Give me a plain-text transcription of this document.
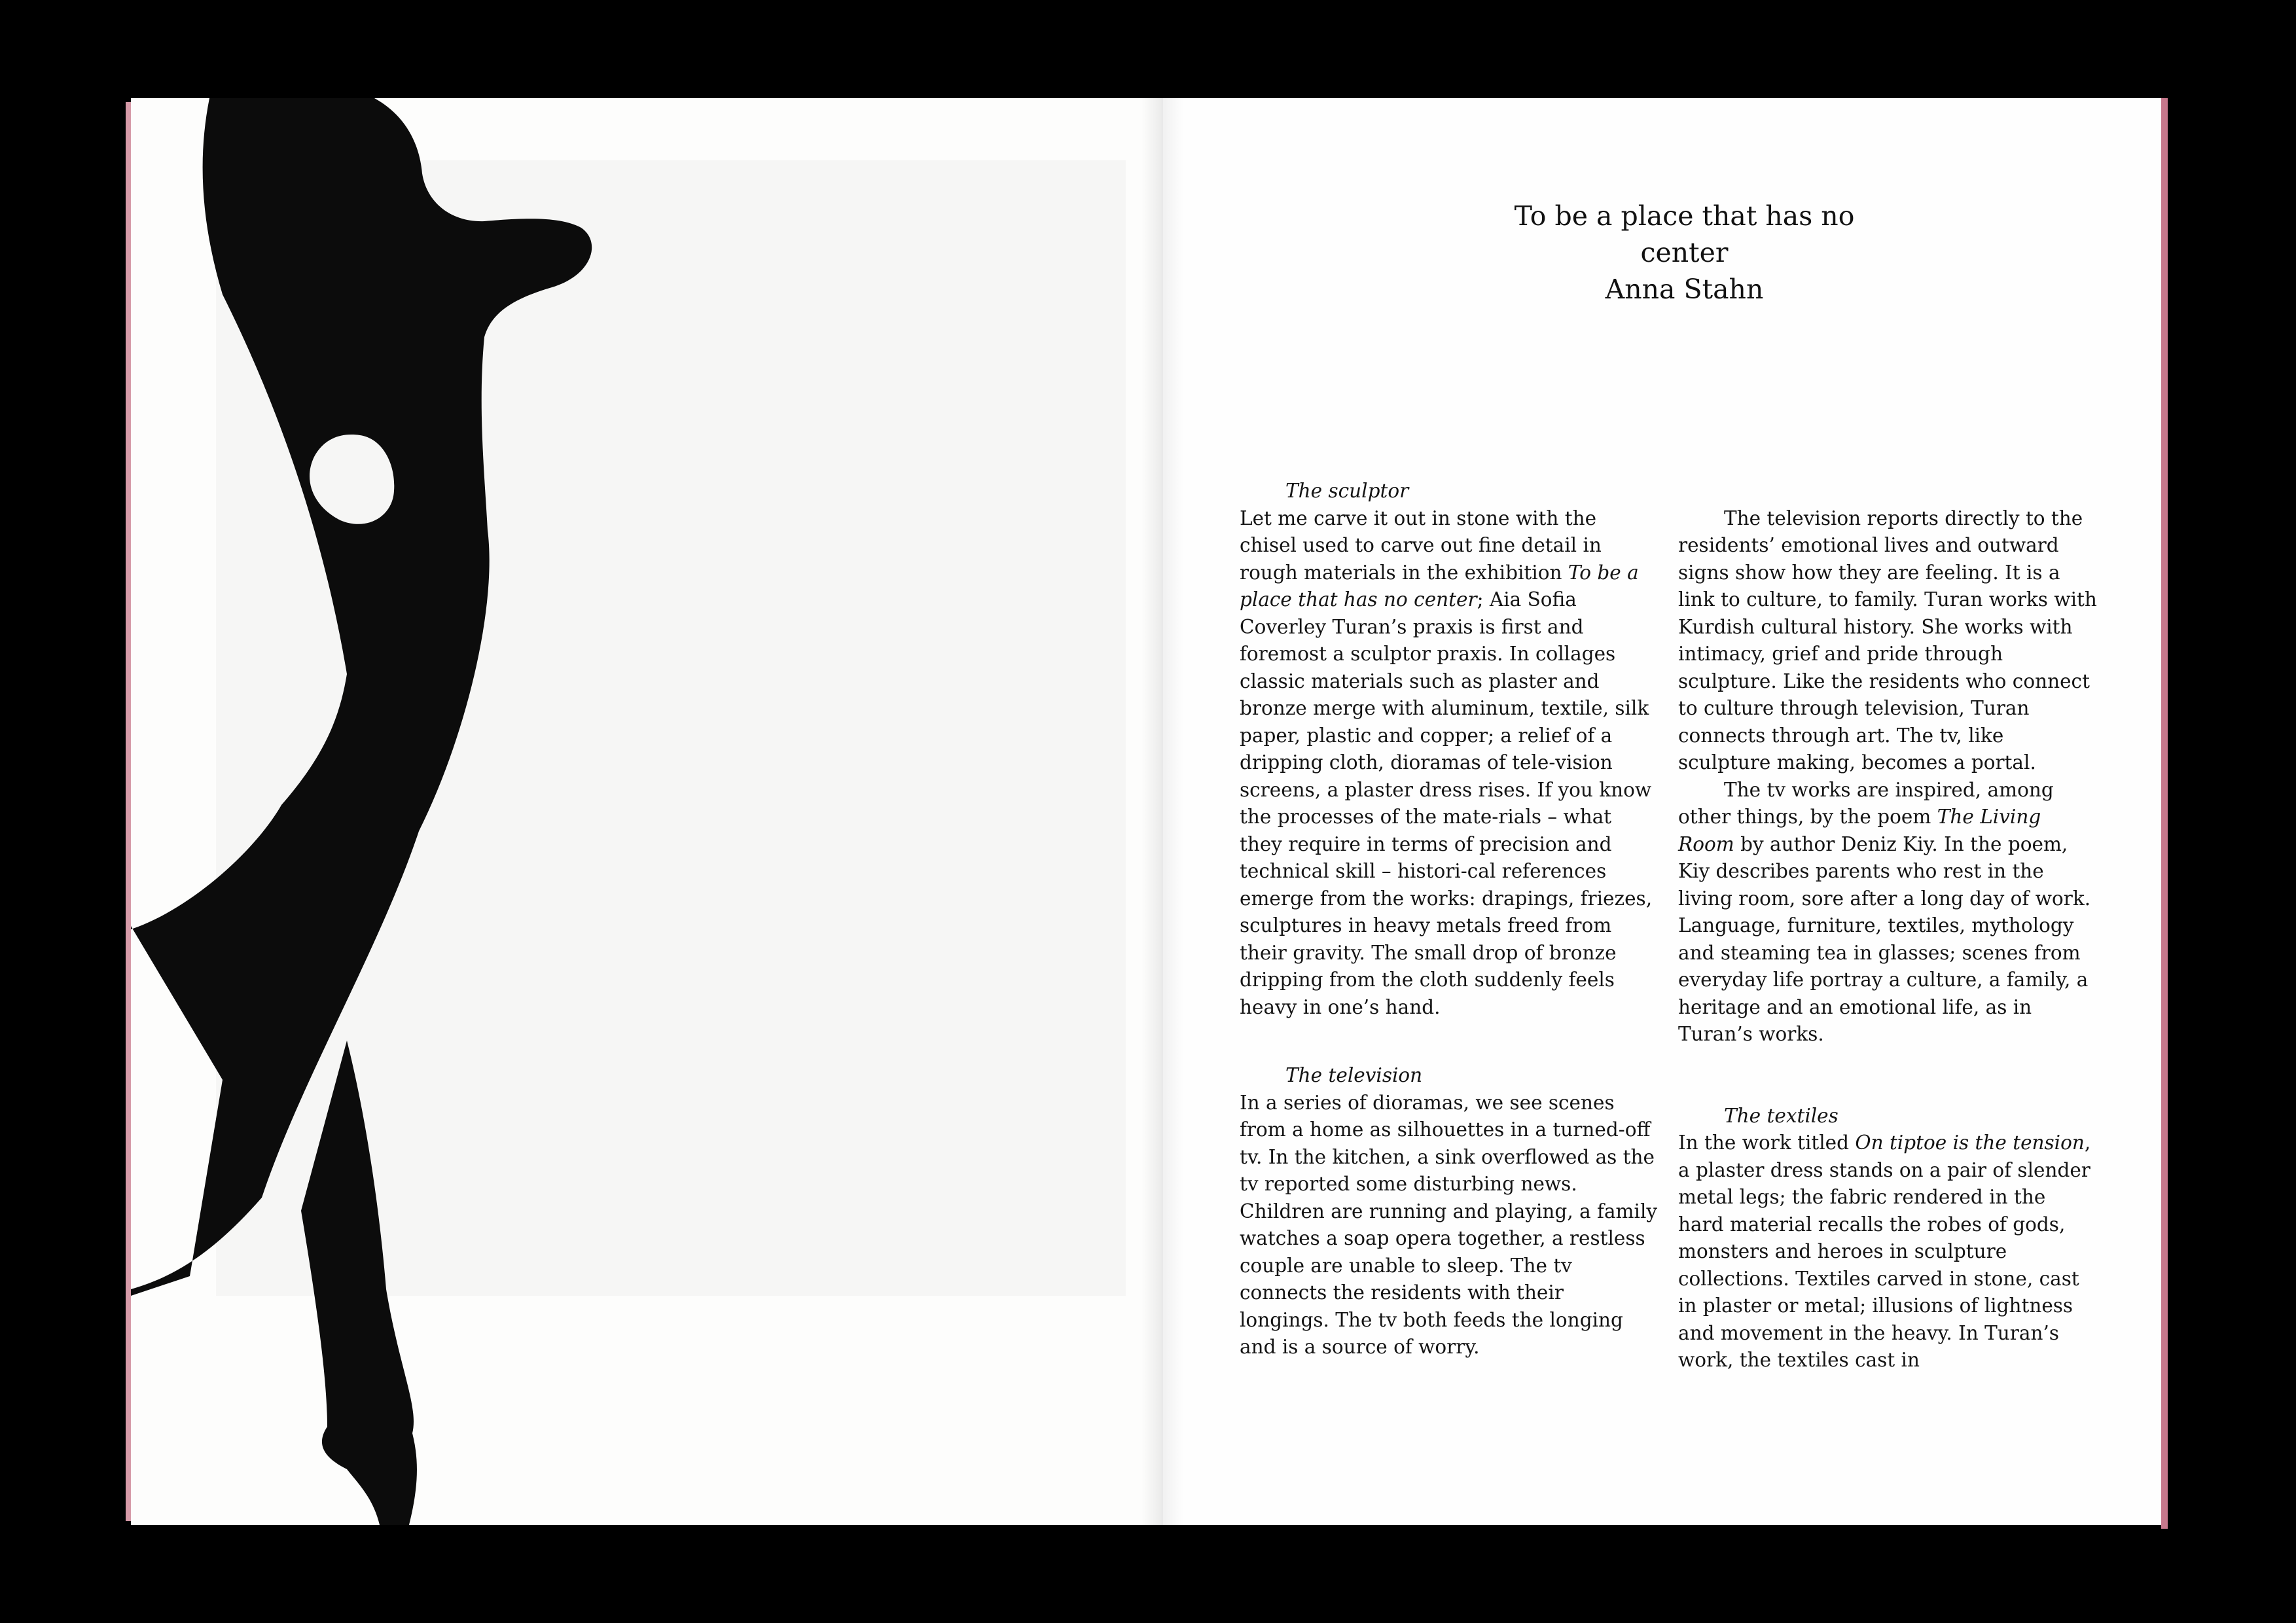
To be a place that has no center
Anna Stahn

The sculptor

Let me carve it out in stone with the chisel used to carve out fine detail in rough materials in the exhibition To be a place that has no center; Aia Sofia Coverley Turan’s praxis is first and foremost a sculptor praxis. In collages classic materials such as plaster and bronze merge with aluminum, textile, silk paper, plastic and copper; a relief of a dripping cloth, dioramas of tele-vision screens, a plaster dress rises. If you know the processes of the mate-rials – what they require in terms of precision and technical skill – histori-cal references emerge from the works: drapings, friezes, sculptures in heavy metals freed from their gravity. The small drop of bronze dripping from the cloth suddenly feels heavy in one’s hand.

The television

In a series of dioramas, we see scenes from a home as silhouettes in a turned-off tv. In the kitchen, a sink overflowed as the tv reported some disturbing news. Children are running and playing, a family watches a soap opera together, a restless couple are unable to sleep. The tv connects the residents with their longings. The tv both feeds the longing and is a source of worry.

The television reports directly to the residents’ emotional lives and outward signs show how they are feeling. It is a link to culture, to family. Turan works with Kurdish cultural history. She works with intimacy, grief and pride through sculpture. Like the residents who connect to culture through television, Turan connects through art. The tv, like sculpture making, becomes a portal.

The tv works are inspired, among other things, by the poem The Living Room by author Deniz Kiy. In the poem, Kiy describes parents who rest in the living room, sore after a long day of work. Language, furniture, textiles, mythology and steaming tea in glasses; scenes from everyday life portray a culture, a family, a heritage and an emotional life, as in Turan’s works.

The textiles

In the work titled On tiptoe is the tension, a plaster dress stands on a pair of slender metal legs; the fabric rendered in the hard material recalls the robes of gods, monsters and heroes in sculpture collections. Textiles carved in stone, cast in plaster or metal; illusions of lightness and movement in the heavy. In Turan’s work, the textiles cast in
